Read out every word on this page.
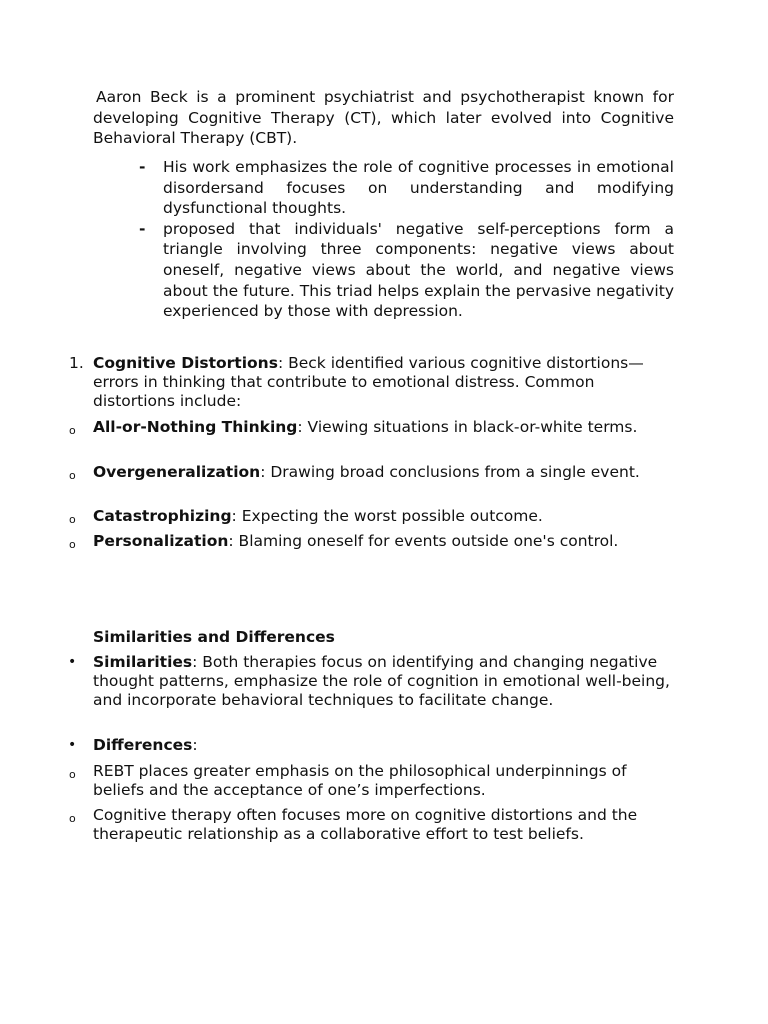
Aaron Beck is a prominent psychiatrist and psychotherapist known for developing Cognitive Therapy (CT), which later evolved into Cognitive Behavioral Therapy (CBT).

- His work emphasizes the role of cognitive processes in emotional disordersand focuses on understanding and modifying dysfunctional thoughts.
- proposed that individuals' negative self-perceptions form a triangle involving three components: negative views about oneself, negative views about the world, and negative views about the future. This triad helps explain the pervasive negativity experienced by those with depression.
1. Cognitive Distortions: Beck identified various cognitive distortions—errors in thinking that contribute to emotional distress. Common distortions include:
o All-or-Nothing Thinking: Viewing situations in black-or-white terms.
o Overgeneralization: Drawing broad conclusions from a single event.
o Catastrophizing: Expecting the worst possible outcome.
o Personalization: Blaming oneself for events outside one's control.

Similarities and Differences

• Similarities: Both therapies focus on identifying and changing negative thought patterns, emphasize the role of cognition in emotional well-being, and incorporate behavioral techniques to facilitate change.
• Differences:
o REBT places greater emphasis on the philosophical underpinnings of beliefs and the acceptance of one’s imperfections.
o Cognitive therapy often focuses more on cognitive distortions and the therapeutic relationship as a collaborative effort to test beliefs.
